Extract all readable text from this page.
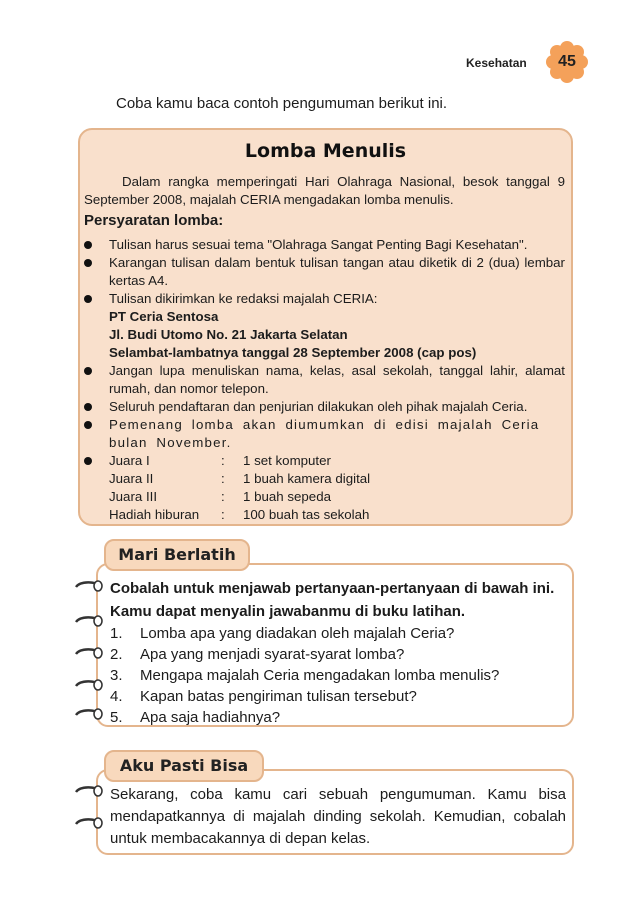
Kesehatan	45
Coba kamu baca contoh pengumuman berikut ini.
Lomba Menulis
Dalam rangka memperingati Hari Olahraga Nasional, besok tanggal 9 September 2008, majalah CERIA mengadakan lomba menulis.
Persyaratan lomba:
Tulisan harus sesuai tema "Olahraga Sangat Penting Bagi Kesehatan".
Karangan tulisan dalam bentuk tulisan tangan atau diketik di 2 (dua) lembar kertas A4.
Tulisan dikirimkan ke redaksi majalah CERIA:
PT Ceria Sentosa
Jl. Budi Utomo No. 21 Jakarta Selatan
Selambat-lambatnya tanggal 28 September 2008 (cap pos)
Jangan lupa menuliskan nama, kelas, asal sekolah, tanggal lahir, alamat rumah, dan nomor telepon.
Seluruh pendaftaran dan penjurian dilakukan oleh pihak majalah Ceria.
Pemenang lomba akan diumumkan di edisi majalah Ceria bulan November.
Juara I	:	1 set komputer
Juara II	:	1 buah kamera digital
Juara III	:	1 buah sepeda
Hadiah hiburan	:	100 buah tas sekolah
Mari Berlatih
Cobalah untuk menjawab pertanyaan-pertanyaan di bawah ini. Kamu dapat menyalin jawabanmu di buku latihan.
1.	Lomba apa yang diadakan oleh majalah Ceria?
2.	Apa yang menjadi syarat-syarat lomba?
3.	Mengapa majalah Ceria mengadakan lomba menulis?
4.	Kapan batas pengiriman tulisan tersebut?
5.	Apa saja hadiahnya?
Aku Pasti Bisa
Sekarang, coba kamu cari sebuah pengumuman. Kamu bisa mendapatkannya di majalah dinding sekolah. Kemudian, cobalah untuk membacakannya di depan kelas.
